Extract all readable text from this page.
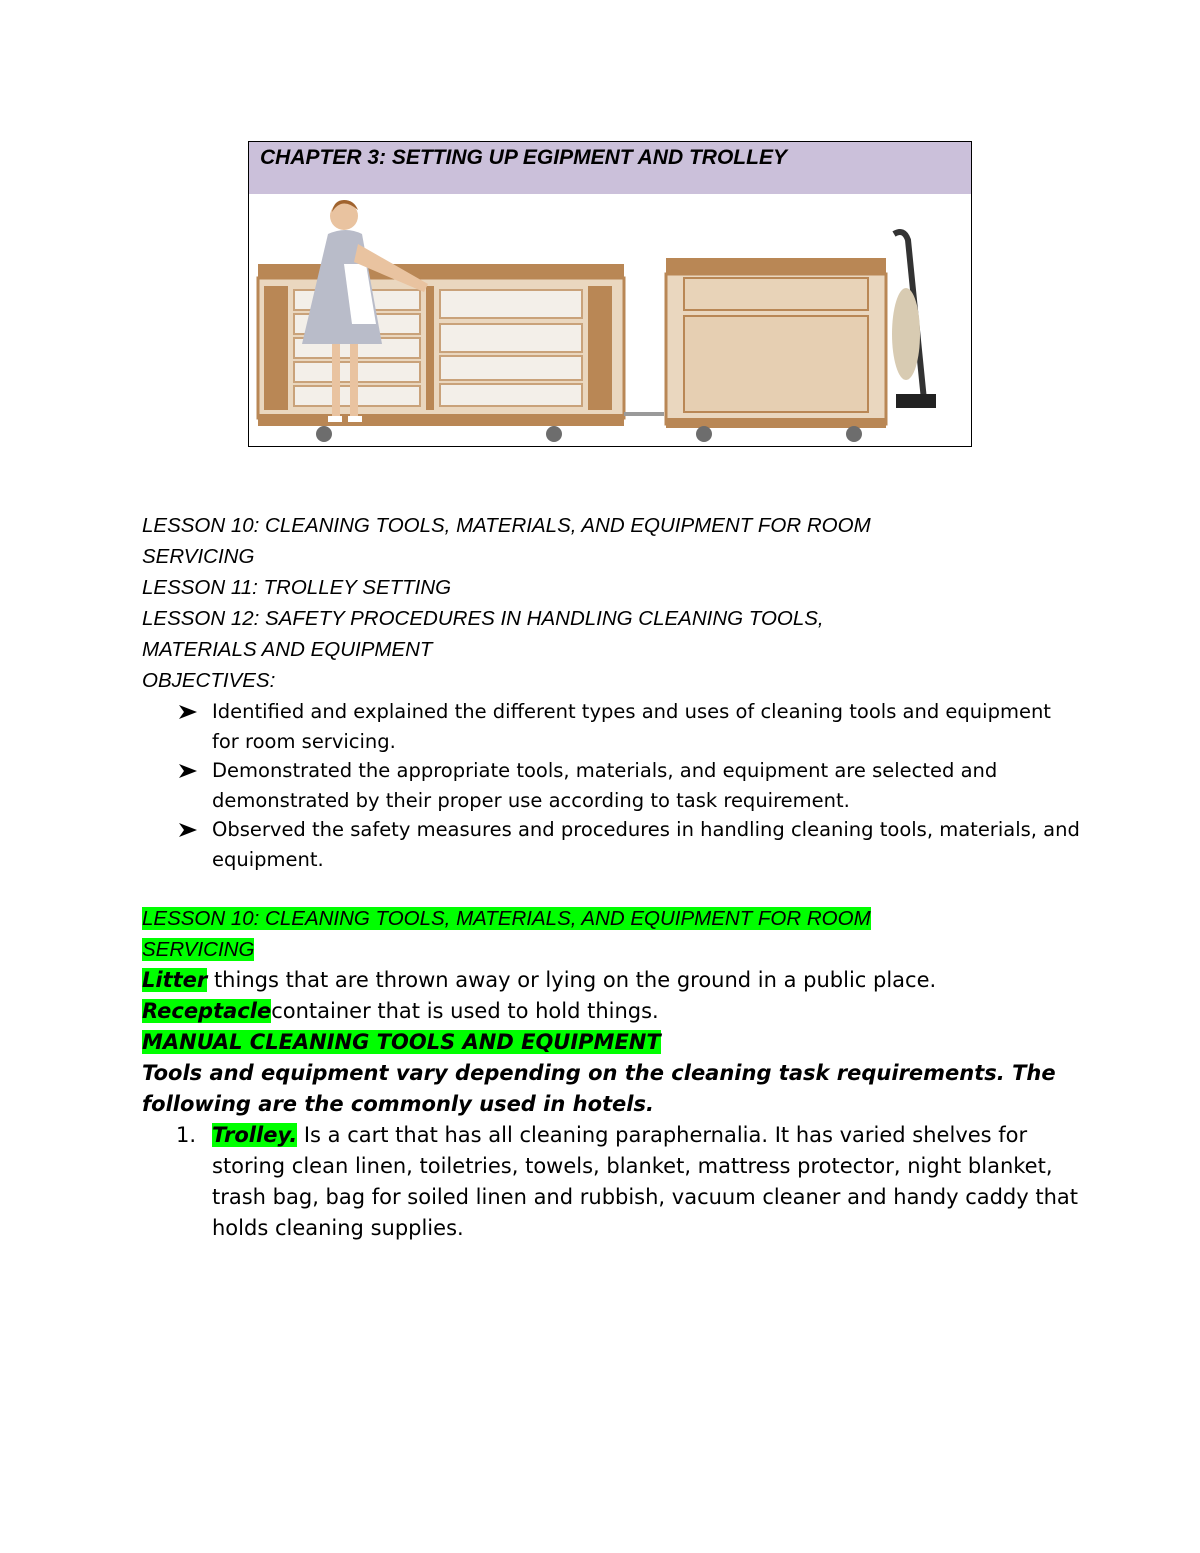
CHAPTER 3: SETTING UP EGIPMENT AND TROLLEY
LESSON 10: CLEANING TOOLS, MATERIALS, AND EQUIPMENT FOR ROOM
SERVICING
LESSON 11: TROLLEY SETTING
LESSON 12: SAFETY PROCEDURES IN HANDLING CLEANING TOOLS,
MATERIALS AND EQUIPMENT
OBJECTIVES:
Identified and explained the different types and uses of cleaning tools and equipment for room servicing.
Demonstrated the appropriate tools, materials, and equipment are selected and demonstrated by their proper use according to task requirement.
Observed the safety measures and procedures in handling cleaning tools, materials, and equipment.
LESSON 10: CLEANING TOOLS, MATERIALS, AND EQUIPMENT FOR ROOM
SERVICING
Litter things that are thrown away or lying on the ground in a public place.
Receptaclecontainer that is used to hold things.
MANUAL CLEANING TOOLS AND EQUIPMENT
Tools and equipment vary depending on the cleaning task requirements. The following are the commonly used in hotels.
1. Trolley. Is a cart that has all cleaning paraphernalia. It has varied shelves for storing clean linen, toiletries, towels, blanket, mattress protector, night blanket, trash bag, bag for soiled linen and rubbish, vacuum cleaner and handy caddy that holds cleaning supplies.
